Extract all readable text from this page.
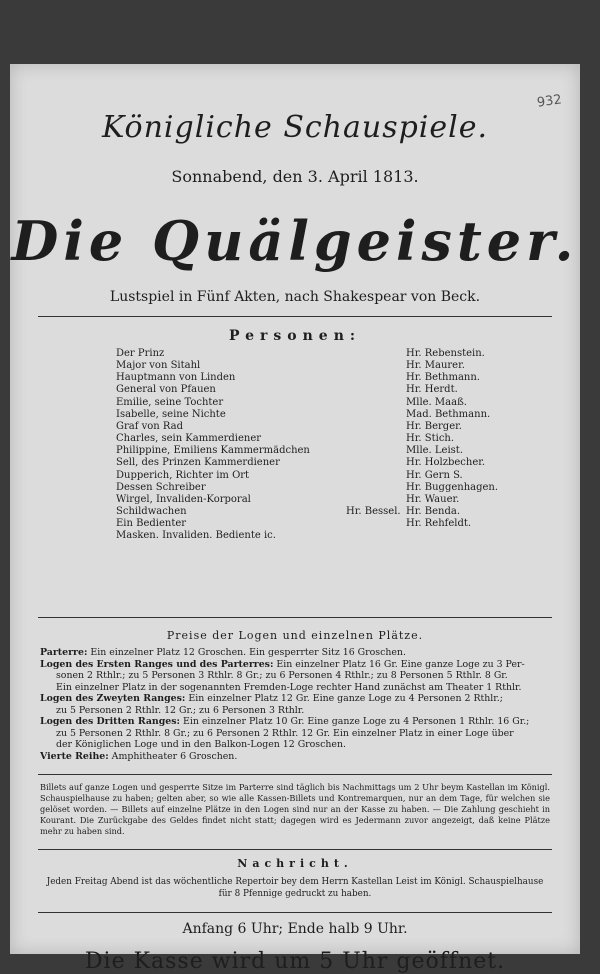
932
Königliche Schauspiele.
Sonnabend, den 3. April 1813.
Die Quälgeister.
Lustspiel in Fünf Akten, nach Shakespear von Beck.
Personen:
Der Prinz	Hr. Rebenstein.
Major von Sitahl	Hr. Maurer.
Hauptmann von Linden	Hr. Bethmann.
General von Pfauen	Hr. Herdt.
Emilie, seine Tochter	Mlle. Maaß.
Isabelle, seine Nichte	Mad. Bethmann.
Graf von Rad	Hr. Berger.
Charles, sein Kammerdiener	Hr. Stich.
Philippine, Emiliens Kammermädchen	Mlle. Leist.
Sell, des Prinzen Kammerdiener	Hr. Holzbecher.
Dupperich, Richter im Ort	Hr. Gern S.
Dessen Schreiber	Hr. Buggenhagen.
Wirgel, Invaliden-Korporal	Hr. Wauer.
Schildwachen	Hr. Bessel. Hr. Benda.
Ein Bedienter	Hr. Rehfeldt.
Masken. Invaliden. Bediente ic.
Preise der Logen und einzelnen Plätze.
Parterre: Ein einzelner Platz 12 Groschen. Ein gesperrter Sitz 16 Groschen.
Logen des Ersten Ranges und des Parterres: Ein einzelner Platz 16 Gr. Eine ganze Loge zu 3 Per-
sonen 2 Rthlr.; zu 5 Personen 3 Rthlr. 8 Gr.; zu 6 Personen 4 Rthlr.; zu 8 Personen 5 Rthlr. 8 Gr.
Ein einzelner Platz in der sogenannten Fremden-Loge rechter Hand zunächst am Theater 1 Rthlr.
Logen des Zweyten Ranges: Ein einzelner Platz 12 Gr. Eine ganze Loge zu 4 Personen 2 Rthlr.;
zu 5 Personen 2 Rthlr. 12 Gr.; zu 6 Personen 3 Rthlr.
Logen des Dritten Ranges: Ein einzelner Platz 10 Gr. Eine ganze Loge zu 4 Personen 1 Rthlr. 16 Gr.;
zu 5 Personen 2 Rthlr. 8 Gr.; zu 6 Personen 2 Rthlr. 12 Gr. Ein einzelner Platz in einer Loge über
der Königlichen Loge und in den Balkon-Logen 12 Groschen.
Vierte Reihe: Amphitheater 6 Groschen.
Billets auf ganze Logen und gesperrte Sitze im Parterre sind täglich bis Nachmittags um 2 Uhr beym Kastellan im Königl. Schauspielhause zu haben; gelten aber, so wie alle Kassen-Billets und Kontremarquen, nur an dem Tage, für welchen sie gelöset worden. — Billets auf einzelne Plätze in den Logen sind nur an der Kasse zu haben. — Die Zahlung geschieht in Kourant. Die Zurückgabe des Geldes findet nicht statt; dagegen wird es Jedermann zuvor angezeigt, daß keine Plätze mehr zu haben sind.
Nachricht.
Jeden Freitag Abend ist das wöchentliche Repertoir bey dem Herrn Kastellan Leist im Königl. Schauspielhause für 8 Pfennige gedruckt zu haben.
Anfang 6 Uhr; Ende halb 9 Uhr.
Die Kasse wird um 5 Uhr geöffnet.
